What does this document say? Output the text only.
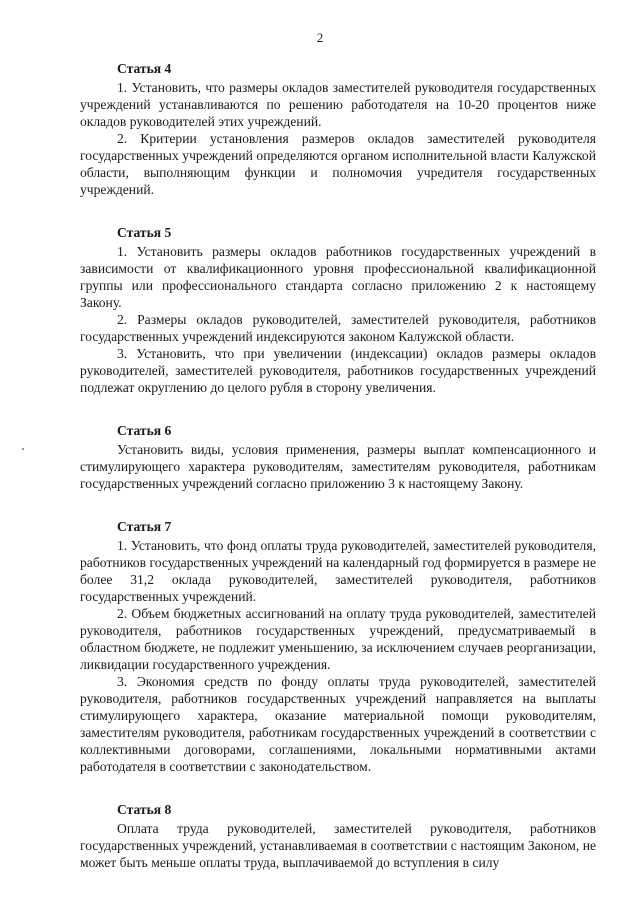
2
Статья 4

1. Установить, что размеры окладов заместителей руководителя государственных учреждений устанавливаются по решению работодателя на 10-20 процентов ниже окладов руководителей этих учреждений.

2. Критерии установления размеров окладов заместителей руководителя государственных учреждений определяются органом исполнительной власти Калужской области, выполняющим функции и полномочия учредителя государственных учреждений.

Статья 5

1. Установить размеры окладов работников государственных учреждений в зависимости от квалификационного уровня профессиональной квалификационной группы или профессионального стандарта согласно приложению 2 к настоящему Закону.

2. Размеры окладов руководителей, заместителей руководителя, работников государственных учреждений индексируются законом Калужской области.

3. Установить, что при увеличении (индексации) окладов размеры окладов руководителей, заместителей руководителя, работников государственных учреждений подлежат округлению до целого рубля в сторону увеличения.

Статья 6

Установить виды, условия применения, размеры выплат компенсационного и стимулирующего характера руководителям, заместителям руководителя, работникам государственных учреждений согласно приложению 3 к настоящему Закону.

Статья 7

1. Установить, что фонд оплаты труда руководителей, заместителей руководителя, работников государственных учреждений на календарный год формируется в размере не более 31,2 оклада руководителей, заместителей руководителя, работников государственных учреждений.

2. Объем бюджетных ассигнований на оплату труда руководителей, заместителей руководителя, работников государственных учреждений, предусматриваемый в областном бюджете, не подлежит уменьшению, за исключением случаев реорганизации, ликвидации государственного учреждения.

3. Экономия средств по фонду оплаты труда руководителей, заместителей руководителя, работников государственных учреждений направляется на выплаты стимулирующего характера, оказание материальной помощи руководителям, заместителям руководителя, работникам государственных учреждений в соответствии с коллективными договорами, соглашениями, локальными нормативными актами работодателя в соответствии с законодательством.

Статья 8

Оплата труда руководителей, заместителей руководителя, работников государственных учреждений, устанавливаемая в соответствии с настоящим Законом, не может быть меньше оплаты труда, выплачиваемой до вступления в силу
